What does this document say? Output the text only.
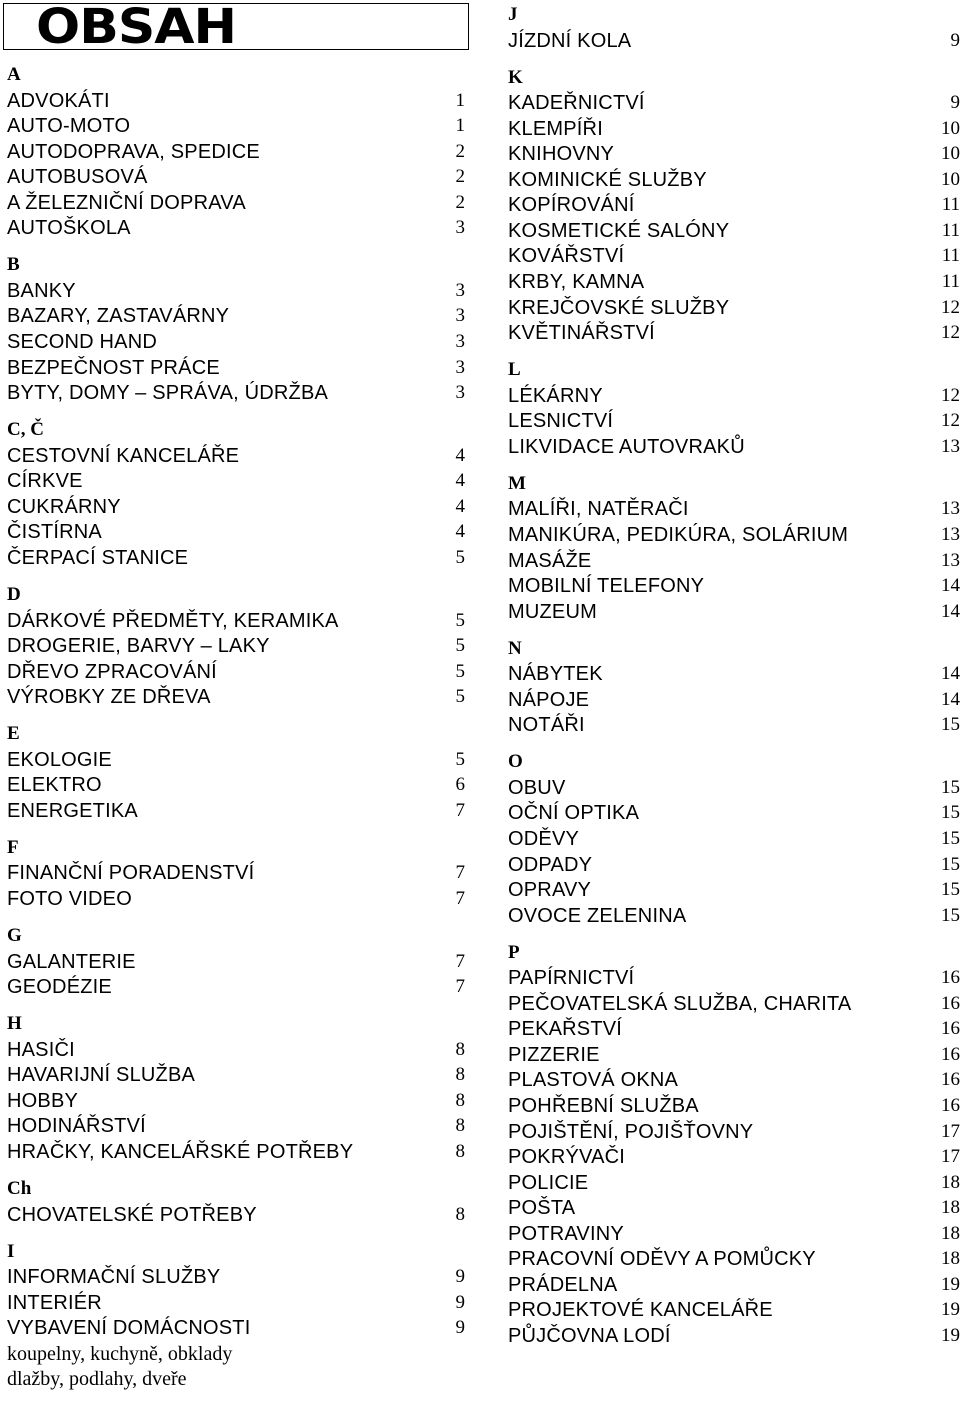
OBSAH
A
ADVOKÁTI	1
AUTO-MOTO	1
AUTODOPRAVA, SPEDICE	2
AUTOBUSOVÁ	2
A ŽELEZNIČNÍ DOPRAVA	2
AUTOŠKOLA	3
B
BANKY	3
BAZARY, ZASTAVÁRNY	3
SECOND HAND	3
BEZPEČNOST PRÁCE	3
BYTY, DOMY – SPRÁVA, ÚDRŽBA	3
C, Č
CESTOVNÍ KANCELÁŘE	4
CÍRKVE	4
CUKRÁRNY	4
ČISTÍRNA	4
ČERPACÍ STANICE	5
D
DÁRKOVÉ PŘEDMĚTY, KERAMIKA	5
DROGERIE, BARVY – LAKY	5
DŘEVO ZPRACOVÁNÍ	5
VÝROBKY ZE DŘEVA	5
E
EKOLOGIE	5
ELEKTRO	6
ENERGETIKA	7
F
FINANČNÍ PORADENSTVÍ	7
FOTO VIDEO	7
G
GALANTERIE	7
GEODÉZIE	7
H
HASIČI	8
HAVARIJNÍ SLUŽBA	8
HOBBY	8
HODINÁŘSTVÍ	8
HRAČKY, KANCELÁŘSKÉ POTŘEBY	8
Ch
CHOVATELSKÉ POTŘEBY	8
I
INFORMAČNÍ SLUŽBY	9
INTERIÉR	9
VYBAVENÍ DOMÁCNOSTI	9
koupelny, kuchyně, obklady
dlažby, podlahy, dveře
J
JÍZDNÍ KOLA	9
K
KADEŘNICTVÍ	9
KLEMPÍŘI	10
KNIHOVNY	10
KOMINICKÉ SLUŽBY	10
KOPÍROVÁNÍ	11
KOSMETICKÉ SALÓNY	11
KOVÁŘSTVÍ	11
KRBY, KAMNA	11
KREJČOVSKÉ SLUŽBY	12
KVĚTINÁŘSTVÍ	12
L
LÉKÁRNY	12
LESNICTVÍ	12
LIKVIDACE AUTOVRAKŮ	13
M
MALÍŘI, NATĚRAČI	13
MANIKÚRA, PEDIKÚRA, SOLÁRIUM	13
MASÁŽE	13
MOBILNÍ TELEFONY	14
MUZEUM	14
N
NÁBYTEK	14
NÁPOJE	14
NOTÁŘI	15
O
OBUV	15
OČNÍ OPTIKA	15
ODĚVY	15
ODPADY	15
OPRAVY	15
OVOCE ZELENINA	15
P
PAPÍRNICTVÍ	16
PEČOVATELSKÁ SLUŽBA, CHARITA	16
PEKAŘSTVÍ	16
PIZZERIE	16
PLASTOVÁ OKNA	16
POHŘEBNÍ SLUŽBA	16
POJIŠTĚNÍ, POJIŠŤOVNY	17
POKRÝVAČI	17
POLICIE	18
POŠTA	18
POTRAVINY	18
PRACOVNÍ ODĚVY A POMŮCKY	18
PRÁDELNA	19
PROJEKTOVÉ KANCELÁŘE	19
PŮJČOVNA LODÍ	19
